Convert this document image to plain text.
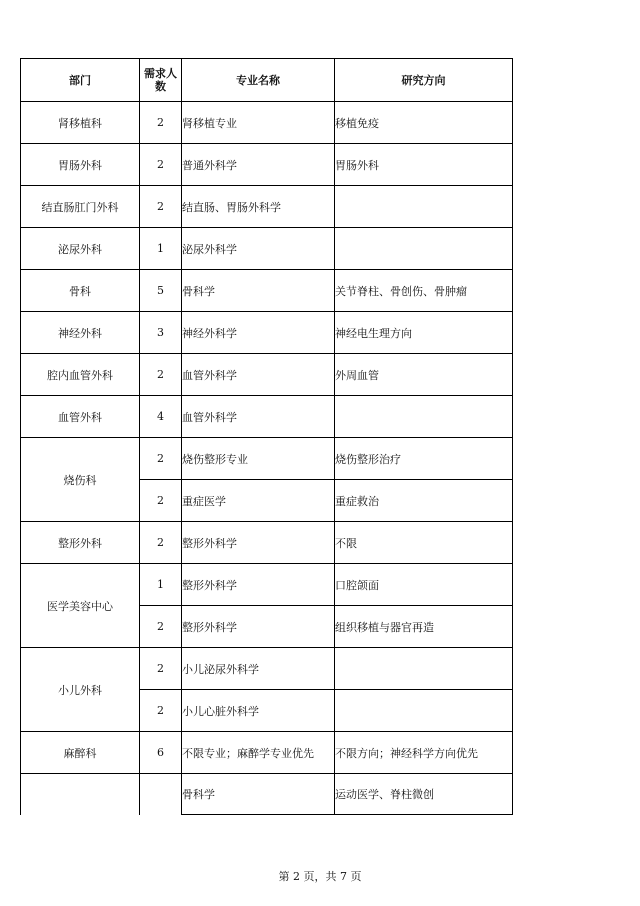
部门	需求人数	专业名称	研究方向
肾移植科	2	肾移植专业	移植免疫
胃肠外科	2	普通外科学	胃肠外科
结直肠肛门外科	2	结直肠、胃肠外科学	
泌尿外科	1	泌尿外科学	
骨科	5	骨科学	关节脊柱、骨创伤、骨肿瘤
神经外科	3	神经外科学	神经电生理方向
腔内血管外科	2	血管外科学	外周血管
血管外科	4	血管外科学	
烧伤科	2	烧伤整形专业	烧伤整形治疗
	2	重症医学	重症救治
整形外科	2	整形外科学	不限
医学美容中心	1	整形外科学	口腔颌面
	2	整形外科学	组织移植与器官再造
小儿外科	2	小儿泌尿外科学	
	2	小儿心脏外科学	
麻醉科	6	不限专业；麻醉学专业优先	不限方向；神经科学方向优先
		骨科学	运动医学、脊柱微创
第 2 页，共 7 页
